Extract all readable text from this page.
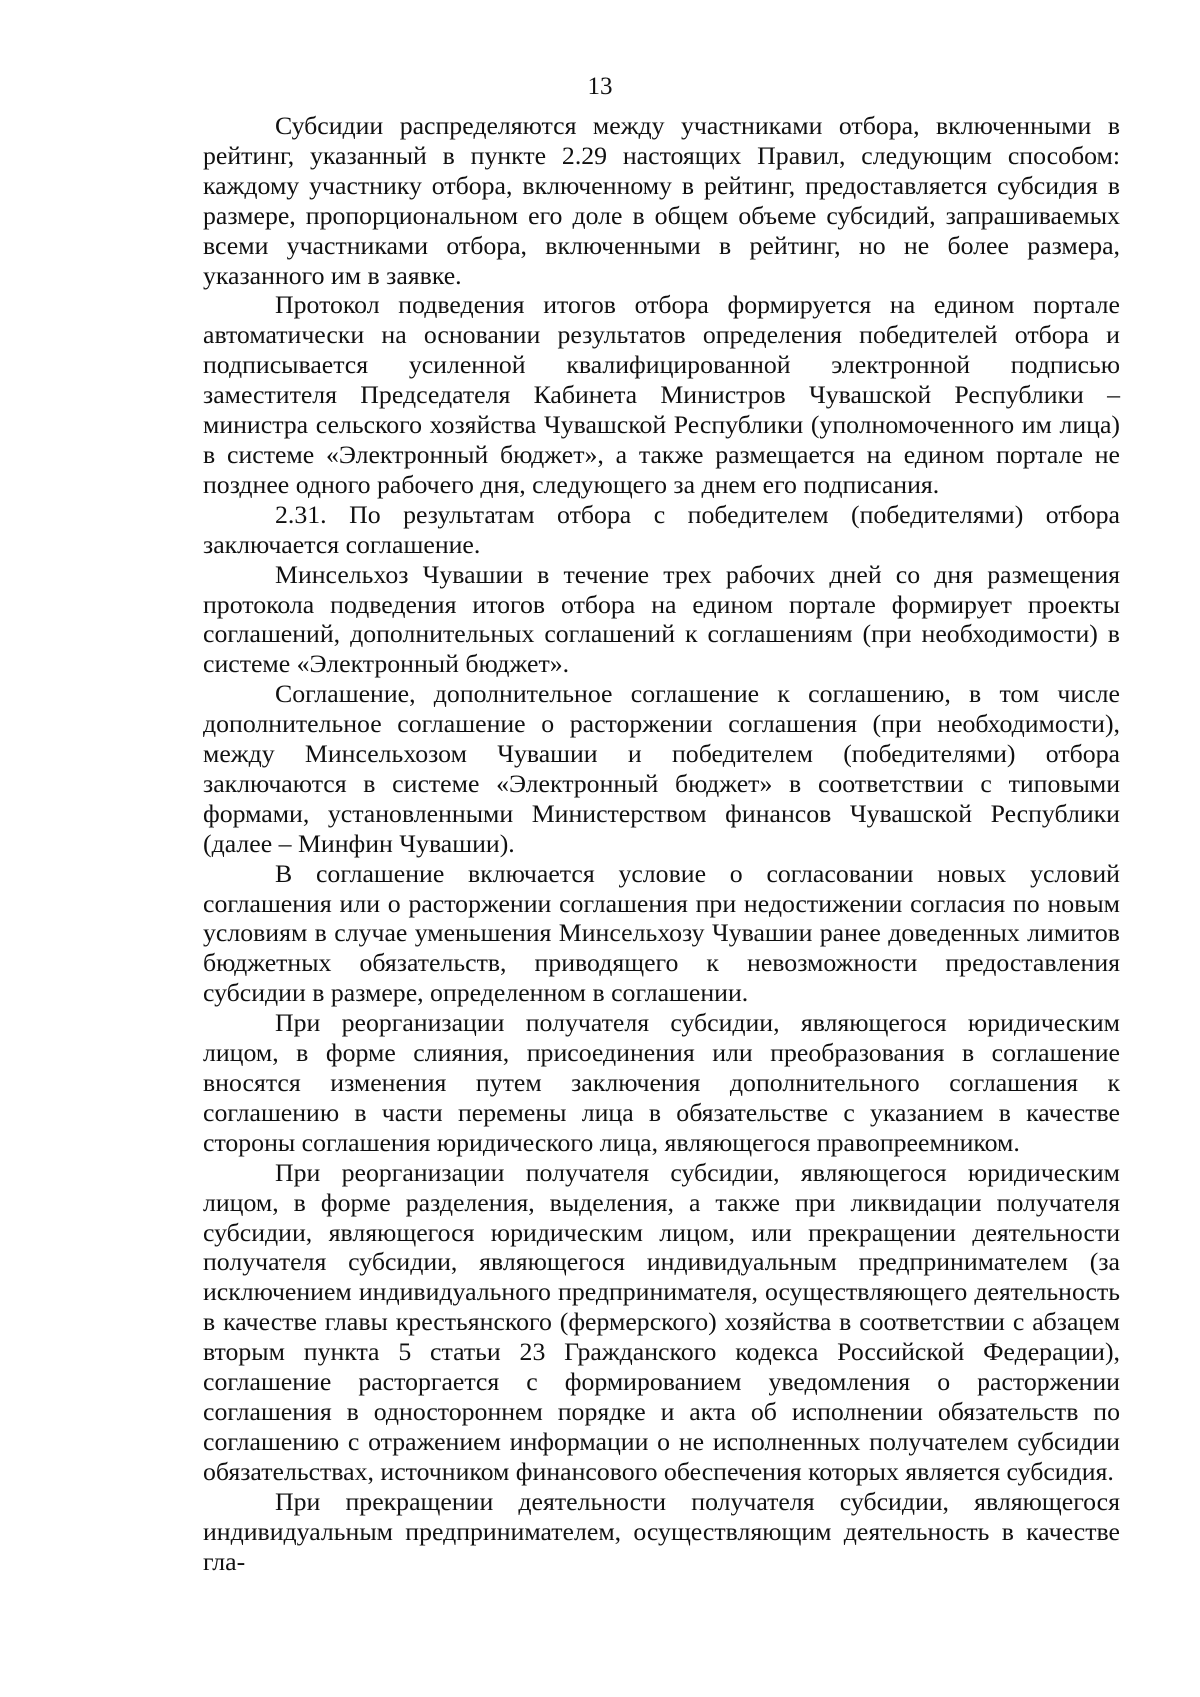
13

Субсидии распределяются между участниками отбора, включенными в рейтинг, указанный в пункте 2.29 настоящих Правил, следующим способом: каждому участнику отбора, включенному в рейтинг, предоставляется субсидия в размере, пропорциональном его доле в общем объеме субсидий, запрашиваемых всеми участниками отбора, включенными в рейтинг, но не более размера, указанного им в заявке.

Протокол подведения итогов отбора формируется на едином портале автоматически на основании результатов определения победителей отбора и подписывается усиленной квалифицированной электронной подписью заместителя Председателя Кабинета Министров Чувашской Республики – министра сельского хозяйства Чувашской Республики (уполномоченного им лица) в системе «Электронный бюджет», а также размещается на едином портале не позднее одного рабочего дня, следующего за днем его подписания.

2.31. По результатам отбора с победителем (победителями) отбора заключается соглашение.

Минсельхоз Чувашии в течение трех рабочих дней со дня размещения протокола подведения итогов отбора на едином портале формирует проекты соглашений, дополнительных соглашений к соглашениям (при необходимости) в системе «Электронный бюджет».

Соглашение, дополнительное соглашение к соглашению, в том числе дополнительное соглашение о расторжении соглашения (при необходимости), между Минсельхозом Чувашии и победителем (победителями) отбора заключаются в системе «Электронный бюджет» в соответствии с типовыми формами, установленными Министерством финансов Чувашской Республики (далее – Минфин Чувашии).

В соглашение включается условие о согласовании новых условий соглашения или о расторжении соглашения при недостижении согласия по новым условиям в случае уменьшения Минсельхозу Чувашии ранее доведенных лимитов бюджетных обязательств, приводящего к невозможности предоставления субсидии в размере, определенном в соглашении.

При реорганизации получателя субсидии, являющегося юридическим лицом, в форме слияния, присоединения или преобразования в соглашение вносятся изменения путем заключения дополнительного соглашения к соглашению в части перемены лица в обязательстве с указанием в качестве стороны соглашения юридического лица, являющегося правопреемником.

При реорганизации получателя субсидии, являющегося юридическим лицом, в форме разделения, выделения, а также при ликвидации получателя субсидии, являющегося юридическим лицом, или прекращении деятельности получателя субсидии, являющегося индивидуальным предпринимателем (за исключением индивидуального предпринимателя, осуществляющего деятельность в качестве главы крестьянского (фермерского) хозяйства в соответствии с абзацем вторым пункта 5 статьи 23 Гражданского кодекса Российской Федерации), соглашение расторгается с формированием уведомления о расторжении соглашения в одностороннем порядке и акта об исполнении обязательств по соглашению с отражением информации о не исполненных получателем субсидии обязательствах, источником финансового обеспечения которых является субсидия.

При прекращении деятельности получателя субсидии, являющегося индивидуальным предпринимателем, осуществляющим деятельность в качестве гла-
